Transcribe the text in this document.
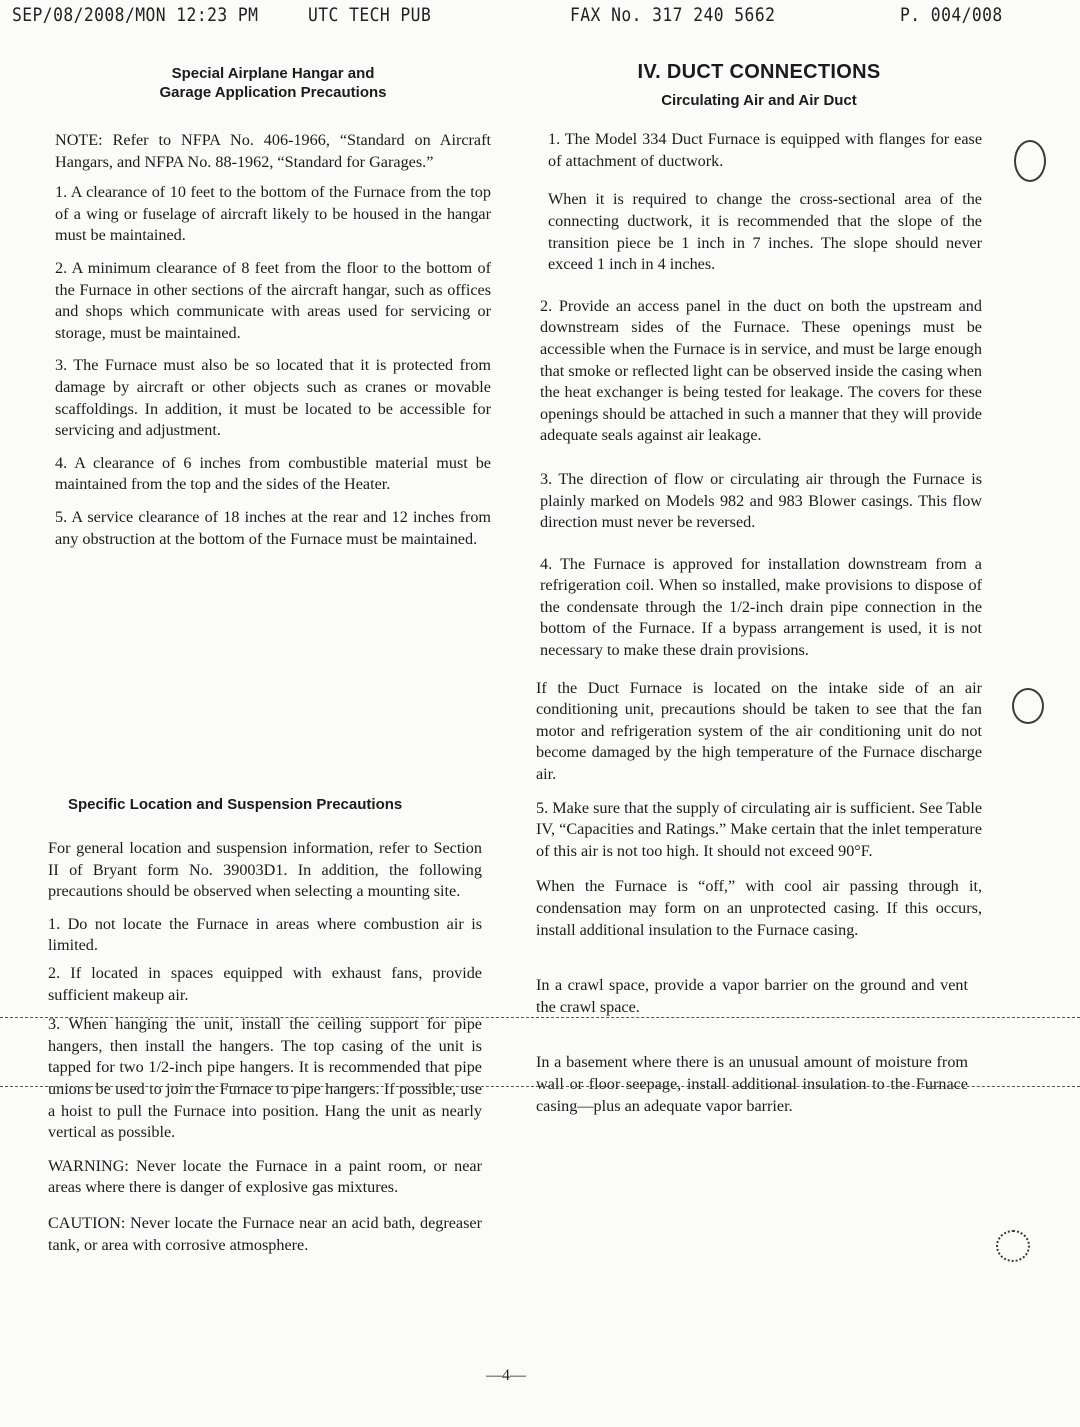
SEP/08/2008/MON 12:23 PM	UTC TECH PUB	FAX No. 317 240 5662	P. 004/008

Special Airplane Hangar and

Garage Application Precautions

NOTE: Refer to NFPA No. 406-1966, “Standard on Aircraft Hangars, and NFPA No. 88-1962, “Standard for Garages.”

1. A clearance of 10 feet to the bottom of the Furnace from the top of a wing or fuselage of aircraft likely to be housed in the hangar must be maintained.

2. A minimum clearance of 8 feet from the floor to the bottom of the Furnace in other sections of the aircraft hangar, such as offices and shops which communicate with areas used for servicing or storage, must be maintained.

3. The Furnace must also be so located that it is protected from damage by aircraft or other objects such as cranes or movable scaffoldings. In addition, it must be located to be accessible for servicing and adjustment.

4. A clearance of 6 inches from combustible material must be maintained from the top and the sides of the Heater.

5. A service clearance of 18 inches at the rear and 12 inches from any obstruction at the bottom of the Furnace must be maintained.

Specific Location and Suspension Precautions

For general location and suspension information, refer to Section II of Bryant form No. 39003D1. In addition, the following precautions should be observed when selecting a mounting site.

1. Do not locate the Furnace in areas where combustion air is limited.

2. If located in spaces equipped with exhaust fans, provide sufficient makeup air.

3. When hanging the unit, install the ceiling support for pipe hangers, then install the hangers. The top casing of the unit is tapped for two 1/2-inch pipe hangers. It is recommended that pipe unions be used to join the Furnace to pipe hangers. If possible, use a hoist to pull the Furnace into position. Hang the unit as nearly vertical as possible.

WARNING: Never locate the Furnace in a paint room, or near areas where there is danger of explosive gas mixtures.

CAUTION: Never locate the Furnace near an acid bath, degreaser tank, or area with corrosive atmosphere.

IV. DUCT CONNECTIONS

Circulating Air and Air Duct

1. The Model 334 Duct Furnace is equipped with flanges for ease of attachment of ductwork.

When it is required to change the cross-sectional area of the connecting ductwork, it is recommended that the slope of the transition piece be 1 inch in 7 inches. The slope should never exceed 1 inch in 4 inches.

2. Provide an access panel in the duct on both the upstream and downstream sides of the Furnace. These openings must be accessible when the Furnace is in service, and must be large enough that smoke or reflected light can be observed inside the casing when the heat exchanger is being tested for leakage. The covers for these openings should be attached in such a manner that they will provide adequate seals against air leakage.

3. The direction of flow or circulating air through the Furnace is plainly marked on Models 982 and 983 Blower casings. This flow direction must never be reversed.

4. The Furnace is approved for installation downstream from a refrigeration coil. When so installed, make provisions to dispose of the condensate through the 1/2-inch drain pipe connection in the bottom of the Furnace. If a bypass arrangement is used, it is not necessary to make these drain provisions.

If the Duct Furnace is located on the intake side of an air conditioning unit, precautions should be taken to see that the fan motor and refrigeration system of the air conditioning unit do not become damaged by the high temperature of the Furnace discharge air.

5. Make sure that the supply of circulating air is sufficient. See Table IV, “Capacities and Ratings.” Make certain that the inlet temperature of this air is not too high. It should not exceed 90°F.

When the Furnace is “off,” with cool air passing through it, condensation may form on an unprotected casing. If this occurs, install additional insulation to the Furnace casing.

In a crawl space, provide a vapor barrier on the ground and vent the crawl space.

In a basement where there is an unusual amount of moisture from wall or floor seepage, install additional insulation to the Furnace casing—plus an adequate vapor barrier.

—4—
